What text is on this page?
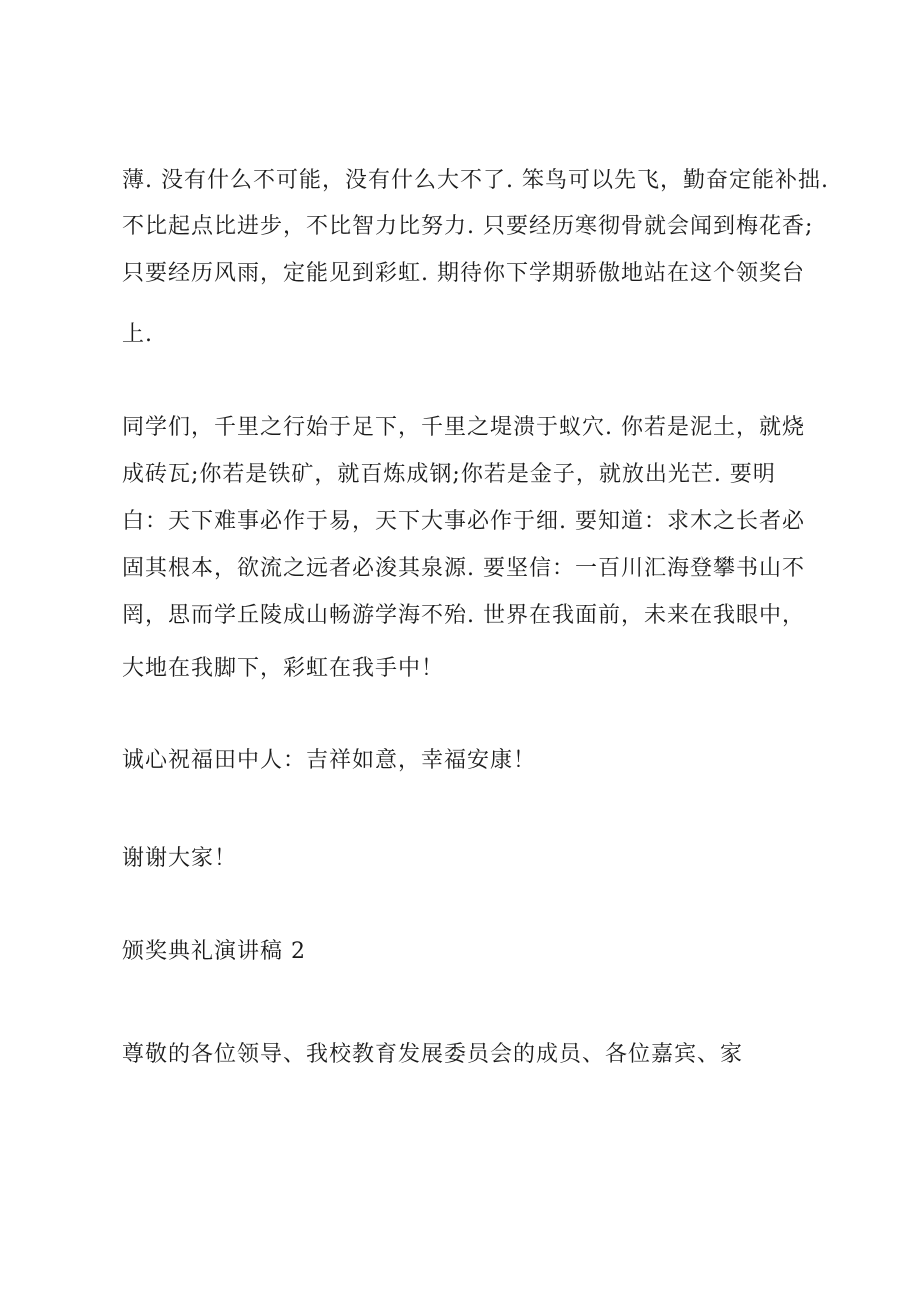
薄. 没有什么不可能，没有什么大不了. 笨鸟可以先飞，勤奋定能补拙.
不比起点比进步，不比智力比努力. 只要经历寒彻骨就会闻到梅花香;
只要经历风雨，定能见到彩虹. 期待你下学期骄傲地站在这个领奖台
上.
同学们，千里之行始于足下，千里之堤溃于蚁穴. 你若是泥土，就烧
成砖瓦;你若是铁矿，就百炼成钢;你若是金子，就放出光芒. 要明
白：天下难事必作于易，天下大事必作于细. 要知道：求木之长者必
固其根本，欲流之远者必浚其泉源. 要坚信：一百川汇海登攀书山不
罔，思而学丘陵成山畅游学海不殆. 世界在我面前，未来在我眼中，
大地在我脚下，彩虹在我手中！
诚心祝福田中人：吉祥如意，幸福安康！
谢谢大家！
颁奖典礼演讲稿 2
尊敬的各位领导、我校教育发展委员会的成员、各位嘉宾、家
